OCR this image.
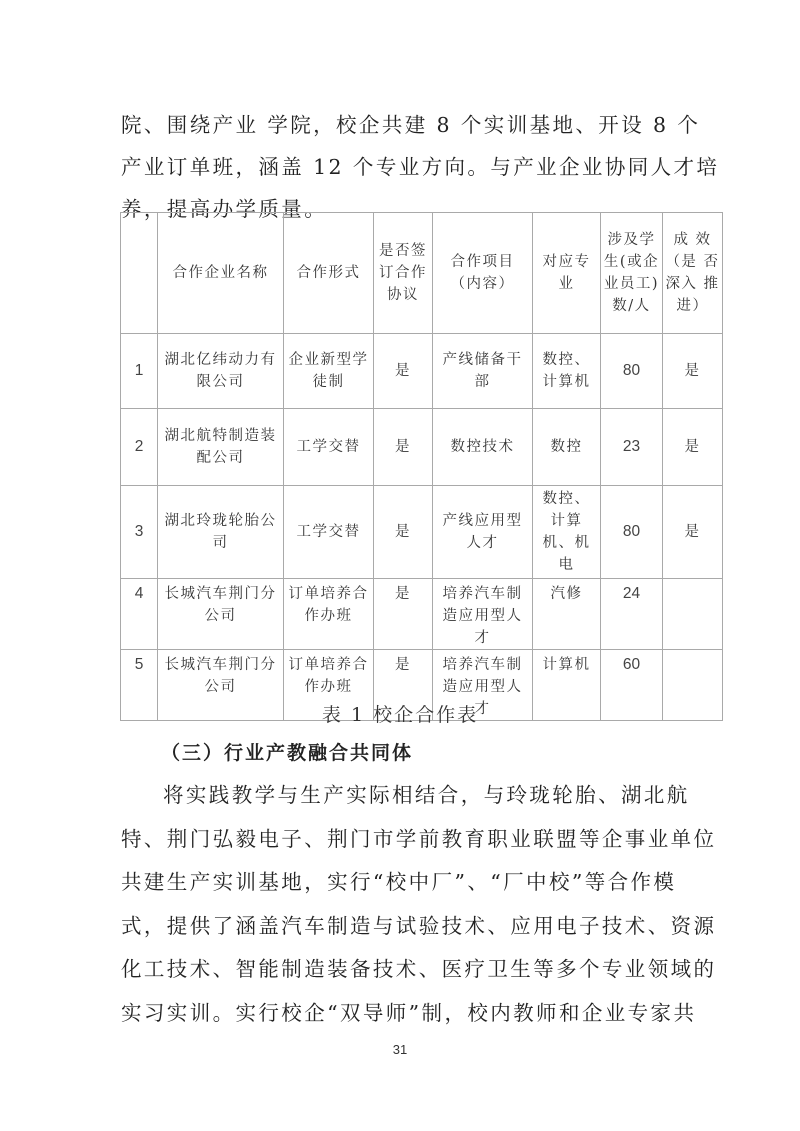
院、围绕产业 学院，校企共建 8 个实训基地、开设 8 个
产业订单班，涵盖 12 个专业方向。与产业企业协同人才培
养，提高办学质量。
	合作企业名称	合作形式	是否签订合作协议	合作项目（内容）	对应专业	涉及学生(或企业员工)数/人	成 效（是 否深入 推进）
1	湖北亿纬动力有限公司	企业新型学徒制	是	产线储备干部	数控、计算机	80	是
2	湖北航特制造装配公司	工学交替	是	数控技术	数控	23	是
3	湖北玲珑轮胎公司	工学交替	是	产线应用型人才	数控、计算机、机电	80	是
4	长城汽车荆门分公司	订单培养合作办班	是	培养汽车制造应用型人才	汽修	24	
5	长城汽车荆门分公司	订单培养合作办班	是	培养汽车制造应用型人才	计算机	60	
表 1 校企合作表
（三）行业产教融合共同体
将实践教学与生产实际相结合，与玲珑轮胎、湖北航
特、荆门弘毅电子、荆门市学前教育职业联盟等企事业单位
共建生产实训基地，实行“校中厂”、“厂中校”等合作模
式，提供了涵盖汽车制造与试验技术、应用电子技术、资源
化工技术、智能制造装备技术、医疗卫生等多个专业领域的
实习实训。实行校企“双导师”制，校内教师和企业专家共
31
